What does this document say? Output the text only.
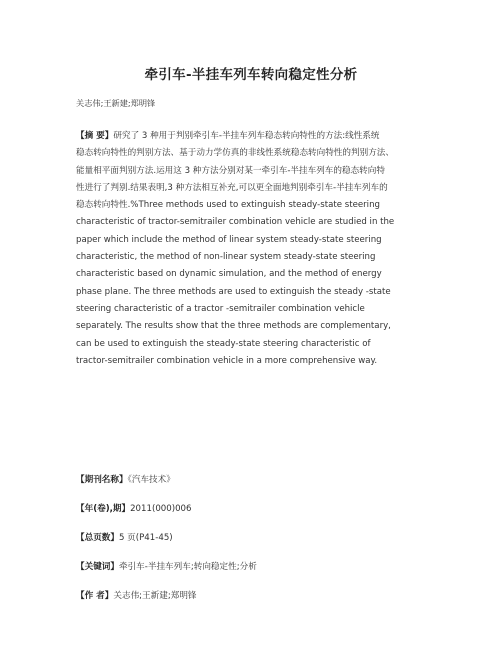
牵引车-半挂车列车转向稳定性分析
关志伟;王新建;郑明锋
【摘 要】研究了 3 种用于判别牵引车-半挂车列车稳态转向特性的方法:线性系统
稳态转向特性的判别方法、基于动力学仿真的非线性系统稳态转向特性的判别方法、
能量相平面判别方法.运用这 3 种方法分别对某一牵引车-半挂车列车的稳态转向特
性进行了判别.结果表明,3 种方法相互补充,可以更全面地判别牵引车-半挂车列车的
稳态转向特性.%Three methods used to extinguish steady-state steering
characteristic of tractor-semitrailer combination vehicle are studied in the
paper which include the method of linear system steady-state steering
characteristic, the method of non-linear system steady-state steering
characteristic based on dynamic simulation, and the method of energy
phase plane. The three methods are used to extinguish the steady -state
steering characteristic of a tractor -semitrailer combination vehicle
separately. The results show that the three methods are complementary,
can be used to extinguish the steady-state steering characteristic of
tractor-semitrailer combination vehicle in a more comprehensive way.
【期刊名称】《汽车技术》
【年(卷),期】2011(000)006
【总页数】5 页(P41-45)
【关键词】牵引车-半挂车列车;转向稳定性;分析
【作 者】关志伟;王新建;郑明锋
